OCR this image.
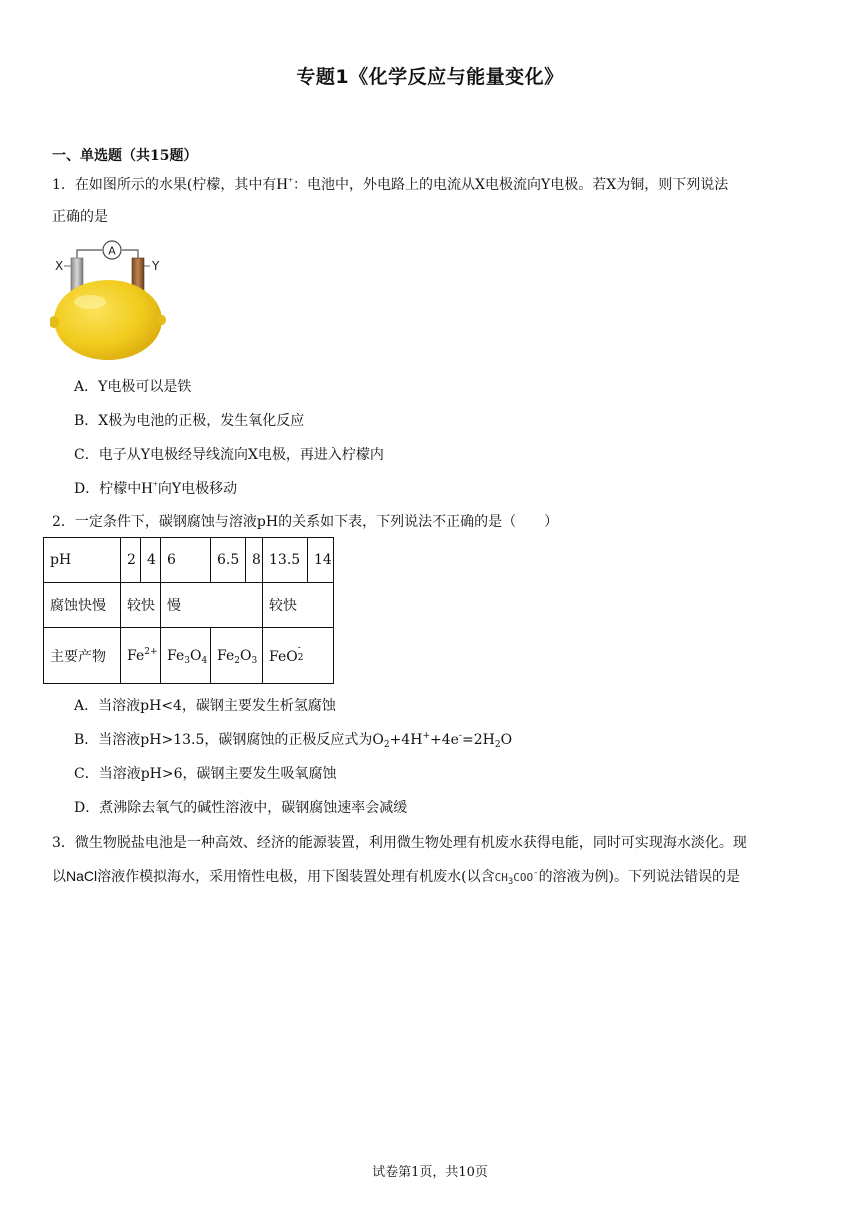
专题1《化学反应与能量变化》
一、单选题（共15题）
1．在如图所示的水果(柠檬，其中有H+：电池中，外电路上的电流从X电极流向Y电极。若X为铜，则下列说法
正确的是
A
X	Y
A．Y电极可以是铁
B．X极为电池的正极，发生氧化反应
C．电子从Y电极经导线流向X电极，再进入柠檬内
D．柠檬中H+向Y电极移动
2．一定条件下，碳钢腐蚀与溶液pH的关系如下表，下列说法不正确的是（　　）
pH	2	4	6	6.5	8	13.5	14
腐蚀快慢	较快		慢			较快	
主要产物	$Fe^{2+}$		$Fe_3O_4$	$Fe_2O_3$		FeO
-
2	
A．当溶液pH<4，碳钢主要发生析氢腐蚀
B．当溶液pH>13.5，碳钢腐蚀的正极反应式为$O_2+4H^++4e^-=2H_2O$
C．当溶液pH>6，碳钢主要发生吸氧腐蚀
D．煮沸除去氧气的碱性溶液中，碳钢腐蚀速率会减缓
3．微生物脱盐电池是一种高效、经济的能源装置，利用微生物处理有机废水获得电能，同时可实现海水淡化。现
以NaCl溶液作模拟海水，采用惰性电极，用下图装置处理有机废水(以含$CH_3COO^-$的溶液为例)。下列说法错误的是
试卷第1页，共10页
